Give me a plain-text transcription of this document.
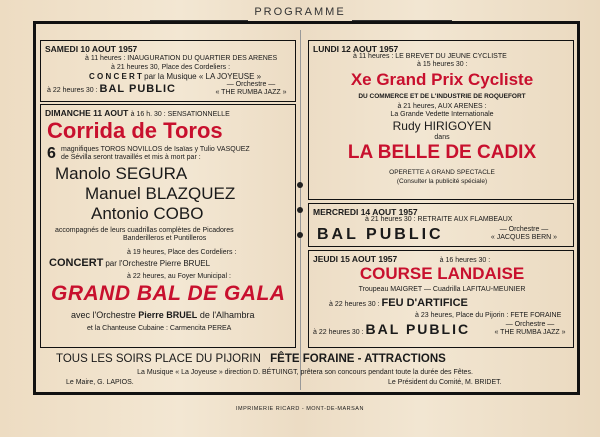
PROGRAMME
SAMEDI 10 AOUT 1957
à 11 heures : INAUGURATION DU QUARTIER DES ARENES
à 21 heures 30, Place des Cordeliers :
C O N C E R T par la Musique « LA JOYEUSE »
à 22 heures 30 : BAL PUBLIC	— Orchestre —
« THE RUMBA JAZZ »
DIMANCHE 11 AOUT à 16 h. 30 : SENSATIONNELLE
Corrida de Toros
6 magnifiques TOROS NOVILLOS de Isaïas y Tulio VASQUEZ
de Sévilla seront travaillés et mis à mort par :
Manolo SEGURA
Manuel BLAZQUEZ
Antonio COBO
accompagnés de leurs cuadrillas complètes de Picadores
Banderilleros et Puntilleros
à 19 heures, Place des Cordeliers :
CONCERT par l'Orchestre Pierre BRUEL
à 22 heures, au Foyer Municipal :
GRAND BAL DE GALA
avec l'Orchestre Pierre BRUEL de l'Alhambra
et la Chanteuse Cubaine : Carmencita PEREA
LUNDI 12 AOUT 1957
à 11 heures : LE BREVET DU JEUNE CYCLISTE
à 15 heures 30 :
Xe Grand Prix Cycliste
DU COMMERCE ET DE L'INDUSTRIE DE ROQUEFORT
à 21 heures, AUX ARENES :
La Grande Vedette Internationale
Rudy HIRIGOYEN
dans
LA BELLE DE CADIX
OPERETTE A GRAND SPECTACLE
(Consulter la publicité spéciale)
MERCREDI 14 AOUT 1957
à 21 heures 30 : RETRAITE AUX FLAMBEAUX
BAL PUBLIC	— Orchestre —
« JACQUES BERN »
JEUDI 15 AOUT 1957	à 16 heures 30 :
COURSE LANDAISE
Troupeau MAIGRET — Cuadrilla LAFITAU-MEUNIER
à 22 heures 30 : FEU D'ARTIFICE
à 23 heures, Place du Pijorin : FETE FORAINE
à 22 heures 30 : BAL PUBLIC	— Orchestre —
« THE RUMBA JAZZ »
TOUS LES SOIRS PLACE DU PIJORIN FÊTE FORAINE - ATTRACTIONS
La Musique « La Joyeuse » direction D. BÉTUINGT, prêtera son concours pendant toute la durée des Fêtes.
Le Maire, G. LAPIOS.	Le Président du Comité, M. BRIDET.
IMPRIMERIE RICARD - MONT-DE-MARSAN
